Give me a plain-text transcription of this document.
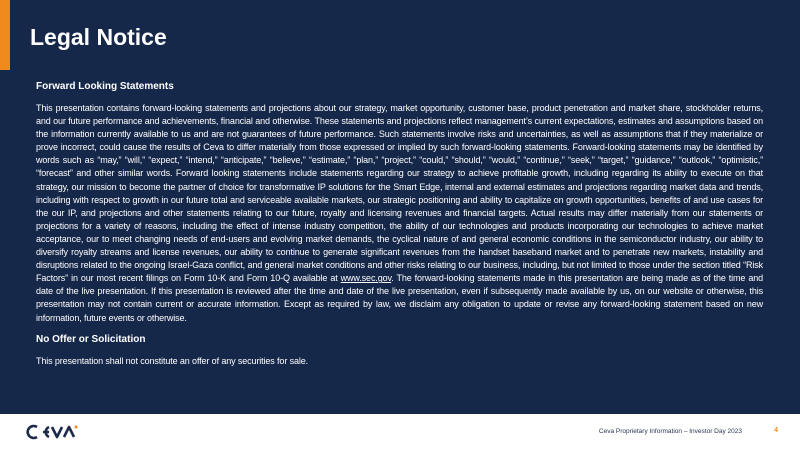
Legal Notice
Forward Looking Statements

This presentation contains forward-looking statements and projections about our strategy, market opportunity, customer base, product penetration and market share, stockholder returns, and our future performance and achievements, financial and otherwise. These statements and projections reflect management’s current expectations, estimates and assumptions based on the information currently available to us and are not guarantees of future performance. Such statements involve risks and uncertainties, as well as assumptions that if they materialize or prove incorrect, could cause the results of Ceva to differ materially from those expressed or implied by such forward-looking statements. Forward-looking statements may be identified by words such as “may,” “will,” “expect,” “intend,” “anticipate,” “believe,” “estimate,” “plan,” “project,” “could,” “should,” “would,” “continue,” “seek,” “target,” “guidance,” “outlook,” “optimistic,” “forecast” and other similar words. Forward looking statements include statements regarding our strategy to achieve profitable growth, including regarding its ability to execute on that strategy, our mission to become the partner of choice for transformative IP solutions for the Smart Edge, internal and external estimates and projections regarding market data and trends, including with respect to growth in our future total and serviceable available markets, our strategic positioning and ability to capitalize on growth opportunities, benefits of and use cases for the our IP, and projections and other statements relating to our future, royalty and licensing revenues and financial targets. Actual results may differ materially from our statements or projections for a variety of reasons, including the effect of intense industry competition, the ability of our technologies and products incorporating our technologies to achieve market acceptance, our to meet changing needs of end-users and evolving market demands, the cyclical nature of and general economic conditions in the semiconductor industry, our ability to diversify royalty streams and license revenues, our ability to continue to generate significant revenues from the handset baseband market and to penetrate new markets, instability and disruptions related to the ongoing Israel-Gaza conflict, and general market conditions and other risks relating to our business, including, but not limited to those under the section titled “Risk Factors” in our most recent filings on Form 10-K and Form 10-Q available at www.sec.gov. The forward-looking statements made in this presentation are being made as of the time and date of the live presentation. If this presentation is reviewed after the time and date of the live presentation, even if subsequently made available by us, on our website or otherwise, this presentation may not contain current or accurate information. Except as required by law, we disclaim any obligation to update or revise any forward-looking statement based on new information, future events or otherwise.

No Offer or Solicitation

This presentation shall not constitute an offer of any securities for sale.

Ceva Proprietary Information – Investor Day 2023	4
